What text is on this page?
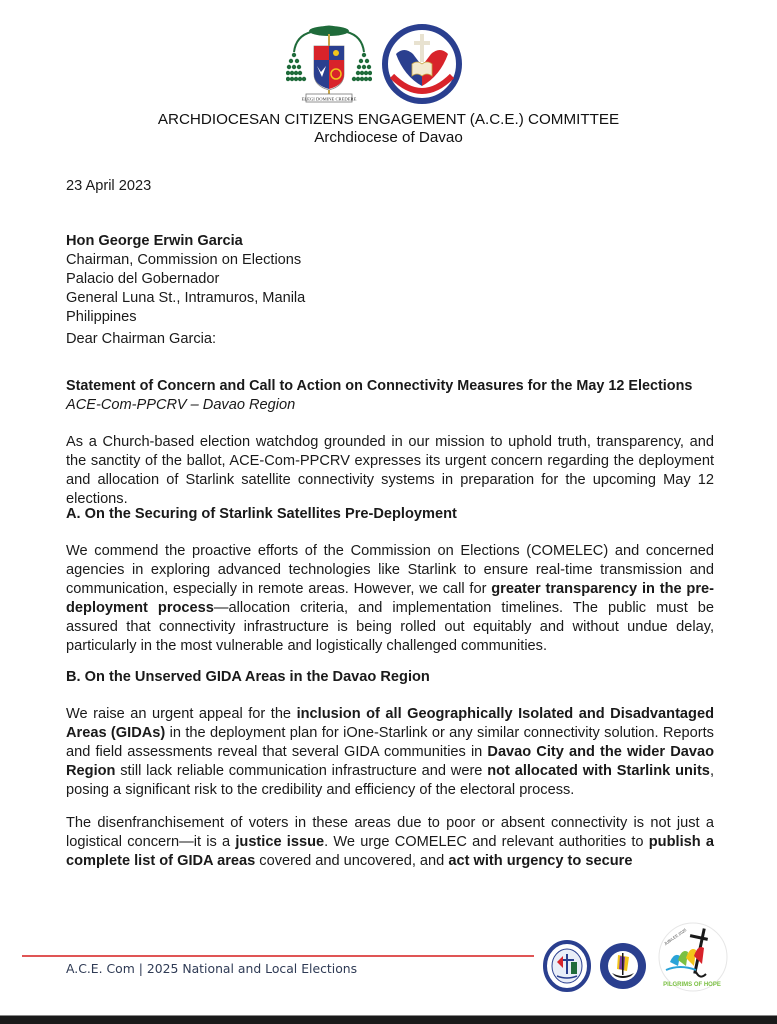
ELEGI DOMINE CREDERE
ARCHDIOCESAN CITIZENS ENGAGEMENT (A.C.E.) COMMITTEE
Archdiocese of Davao
23 April 2023
Hon George Erwin Garcia
Chairman, Commission on Elections
Palacio del Gobernador
General Luna St., Intramuros, Manila
Philippines
Dear Chairman Garcia:
Statement of Concern and Call to Action on Connectivity Measures for the May 12 Elections
ACE-Com-PPCRV – Davao Region
As a Church-based election watchdog grounded in our mission to uphold truth, transparency, and the sanctity of the ballot, ACE-Com-PPCRV expresses its urgent concern regarding the deployment and allocation of Starlink satellite connectivity systems in preparation for the upcoming May 12 elections.
A. On the Securing of Starlink Satellites Pre-Deployment
We commend the proactive efforts of the Commission on Elections (COMELEC) and concerned agencies in exploring advanced technologies like Starlink to ensure real-time transmission and communication, especially in remote areas. However, we call for greater transparency in the pre-deployment process—allocation criteria, and implementation timelines. The public must be assured that connectivity infrastructure is being rolled out equitably and without undue delay, particularly in the most vulnerable and logistically challenged communities.
B. On the Unserved GIDA Areas in the Davao Region
We raise an urgent appeal for the inclusion of all Geographically Isolated and Disadvantaged Areas (GIDAs) in the deployment plan for iOne-Starlink or any similar connectivity solution. Reports and field assessments reveal that several GIDA communities in Davao City and the wider Davao Region still lack reliable communication infrastructure and were not allocated with Starlink units, posing a significant risk to the credibility and efficiency of the electoral process.
The disenfranchisement of voters in these areas due to poor or absent connectivity is not just a logistical concern—it is a justice issue. We urge COMELEC and relevant authorities to publish a complete list of GIDA areas covered and uncovered, and act with urgency to secure
A.C.E. Com | 2025 National and Local Elections
PILGRIMS OF HOPE
JUBILEE 2025
